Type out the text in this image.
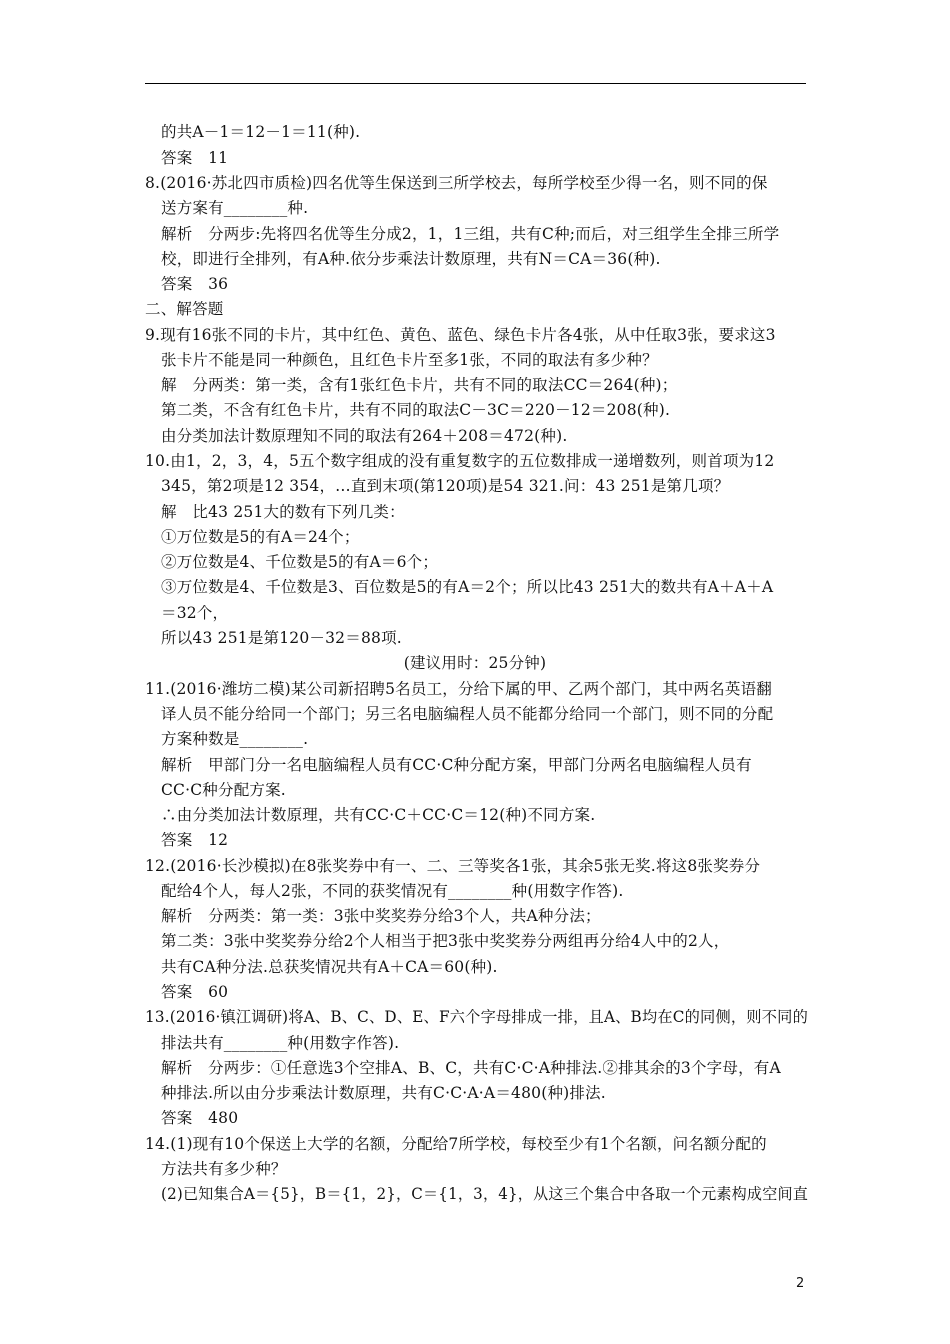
的共A－1＝12－1＝11(种).
答案　11
8.(2016·苏北四市质检)四名优等生保送到三所学校去，每所学校至少得一名，则不同的保
送方案有________种.
解析　分两步:先将四名优等生分成2，1，1三组，共有C种;而后，对三组学生全排三所学
校，即进行全排列，有A种.依分步乘法计数原理，共有N＝CA＝36(种).
答案　36
二、解答题
9.现有16张不同的卡片，其中红色、黄色、蓝色、绿色卡片各4张，从中任取3张，要求这3
张卡片不能是同一种颜色，且红色卡片至多1张，不同的取法有多少种？
解　分两类：第一类，含有1张红色卡片，共有不同的取法CC＝264(种)；
第二类，不含有红色卡片，共有不同的取法C－3C＝220－12＝208(种).
由分类加法计数原理知不同的取法有264＋208＝472(种).
10.由1，2，3，4，5五个数字组成的没有重复数字的五位数排成一递增数列，则首项为12
345，第2项是12 354，…直到末项(第120项)是54 321.问：43 251是第几项？
解　比43 251大的数有下列几类：
①万位数是5的有A＝24个；
②万位数是4、千位数是5的有A＝6个；
③万位数是4、千位数是3、百位数是5的有A＝2个；所以比43 251大的数共有A＋A＋A
＝32个，
所以43 251是第120－32＝88项.
(建议用时：25分钟)
11.(2016·潍坊二模)某公司新招聘5名员工，分给下属的甲、乙两个部门，其中两名英语翻
译人员不能分给同一个部门；另三名电脑编程人员不能都分给同一个部门，则不同的分配
方案种数是________.
解析　甲部门分一名电脑编程人员有CC·C种分配方案，甲部门分两名电脑编程人员有
CC·C种分配方案.
∴由分类加法计数原理，共有CC·C＋CC·C＝12(种)不同方案.
答案　12
12.(2016·长沙模拟)在8张奖券中有一、二、三等奖各1张，其余5张无奖.将这8张奖券分
配给4个人，每人2张，不同的获奖情况有________种(用数字作答).
解析　分两类：第一类：3张中奖奖券分给3个人，共A种分法；
第二类：3张中奖奖券分给2个人相当于把3张中奖奖券分两组再分给4人中的2人，
共有CA种分法.总获奖情况共有A＋CA＝60(种).
答案　60
13.(2016·镇江调研)将A、B、C、D、E、F六个字母排成一排，且A、B均在C的同侧，则不同的
排法共有________种(用数字作答).
解析　分两步：①任意选3个空排A、B、C，共有C·C·A种排法.②排其余的3个字母，有A
种排法.所以由分步乘法计数原理，共有C·C·A·A＝480(种)排法.
答案　480
14.(1)现有10个保送上大学的名额，分配给7所学校，每校至少有1个名额，问名额分配的
方法共有多少种？
(2)已知集合A＝{5}，B＝{1，2}，C＝{1，3，4}，从这三个集合中各取一个元素构成空间直
2
